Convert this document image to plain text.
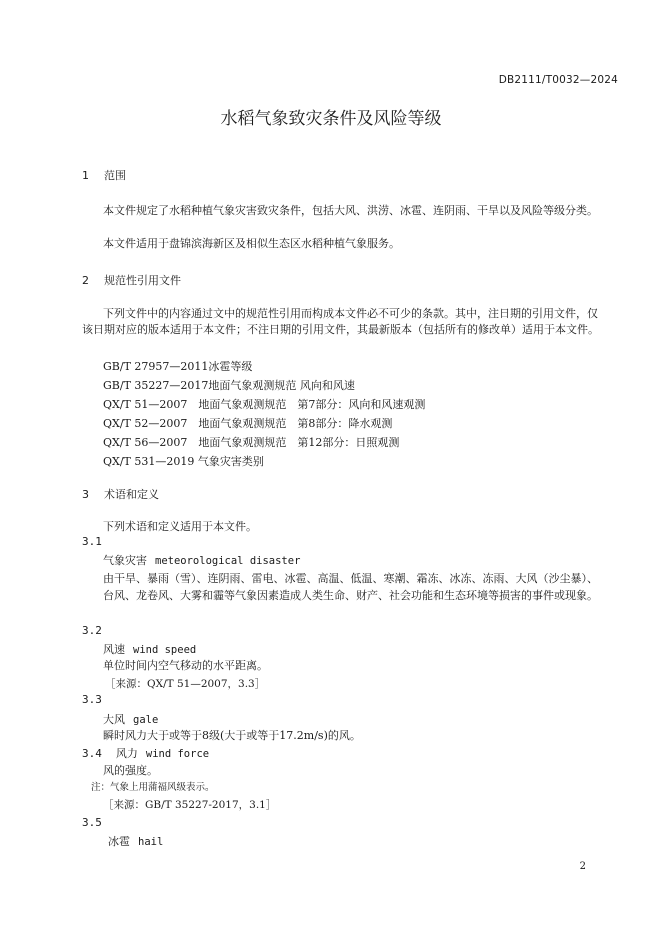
DB2111/T0032—2024
水稻气象致灾条件及风险等级
1 范围
本文件规定了水稻种植气象灾害致灾条件，包括大风、洪涝、冰雹、连阴雨、干旱以及风险等级分类。
本文件适用于盘锦滨海新区及相似生态区水稻种植气象服务。
2 规范性引用文件
下列文件中的内容通过文中的规范性引用而构成本文件必不可少的条款。其中，注日期的引用文件，仅该日期对应的版本适用于本文件；不注日期的引用文件，其最新版本（包括所有的修改单）适用于本文件。
GB/T 27957—2011冰雹等级
GB/T 35227—2017地面气象观测规范 风向和风速
QX/T 51—2007　地面气象观测规范　第7部分：风向和风速观测
QX/T 52—2007　地面气象观测规范　第8部分：降水观测
QX/T 56—2007　地面气象观测规范　第12部分：日照观测
QX/T 531—2019 气象灾害类别
3 术语和定义
下列术语和定义适用于本文件。
3.1
气象灾害 meteorological disaster
由干旱、暴雨（雪）、连阴雨、雷电、冰雹、高温、低温、寒潮、霜冻、冰冻、冻雨、大风（沙尘暴）、台风、龙卷风、大雾和霾等气象因素造成人类生命、财产、社会功能和生态环境等损害的事件或现象。
3.2
风速 wind speed
单位时间内空气移动的水平距离。
［来源：QX/T 51—2007，3.3］
3.3
大风 gale
瞬时风力大于或等于8级(大于或等于17.2m/s)的风。
3.4 风力 wind force
风的强度。
注：气象上用蒲福风级表示。
［来源：GB/T 35227-2017，3.1］
3.5
冰雹 hail
2
